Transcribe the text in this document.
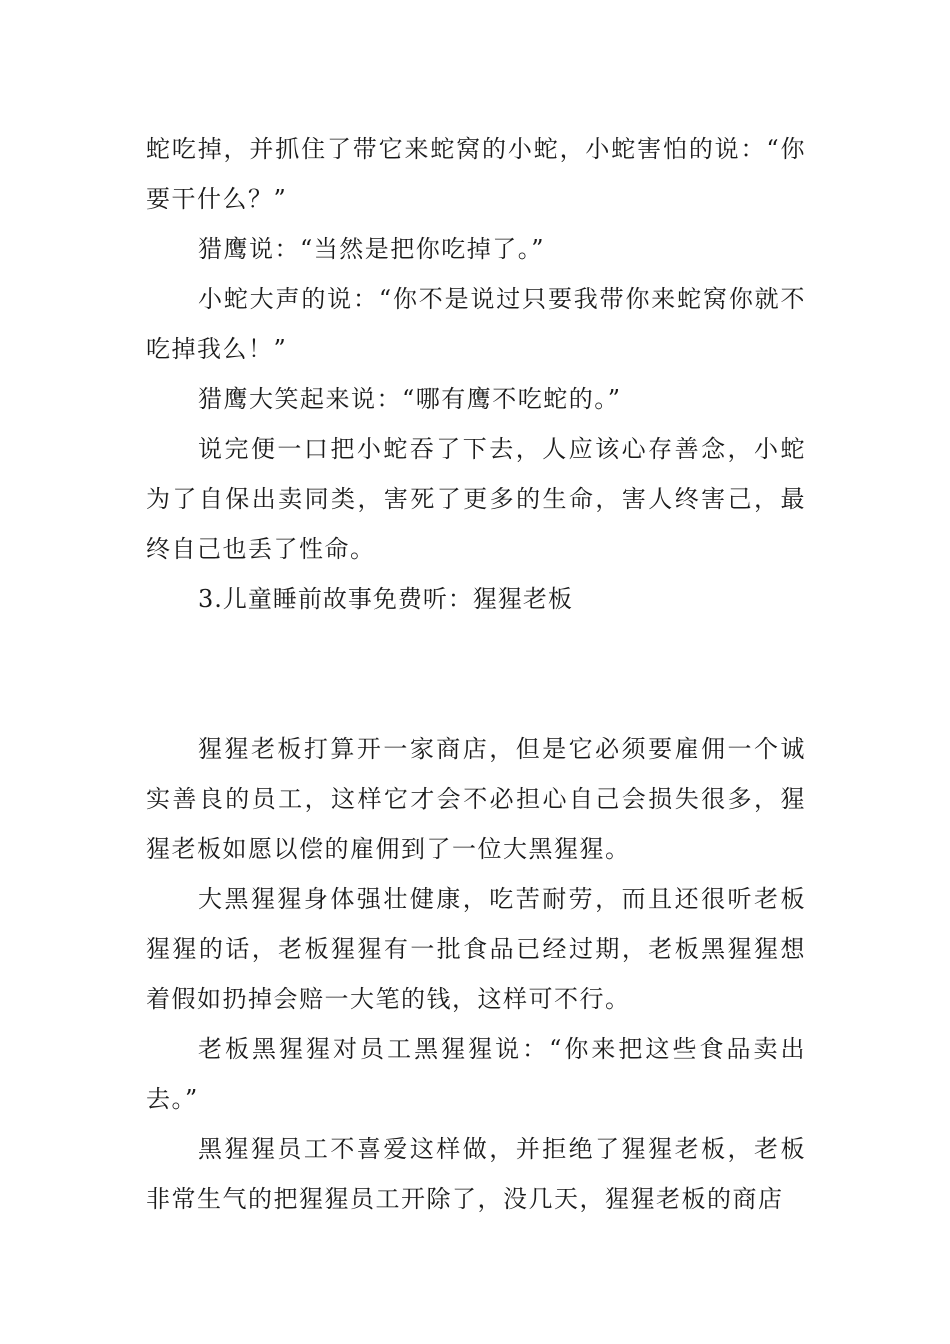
蛇吃掉，并抓住了带它来蛇窝的小蛇，小蛇害怕的说：“你要干什么？”

猎鹰说：“当然是把你吃掉了。”

小蛇大声的说：“你不是说过只要我带你来蛇窝你就不吃掉我么！”

猎鹰大笑起来说：“哪有鹰不吃蛇的。”

说完便一口把小蛇吞了下去，人应该心存善念，小蛇为了自保出卖同类，害死了更多的生命，害人终害己，最终自己也丢了性命。

3.儿童睡前故事免费听：猩猩老板

猩猩老板打算开一家商店，但是它必须要雇佣一个诚实善良的员工，这样它才会不必担心自己会损失很多，猩猩老板如愿以偿的雇佣到了一位大黑猩猩。

大黑猩猩身体强壮健康，吃苦耐劳，而且还很听老板猩猩的话，老板猩猩有一批食品已经过期，老板黑猩猩想着假如扔掉会赔一大笔的钱，这样可不行。

老板黑猩猩对员工黑猩猩说：“你来把这些食品卖出去。”

黑猩猩员工不喜爱这样做，并拒绝了猩猩老板，老板非常生气的把猩猩员工开除了，没几天，猩猩老板的商店
